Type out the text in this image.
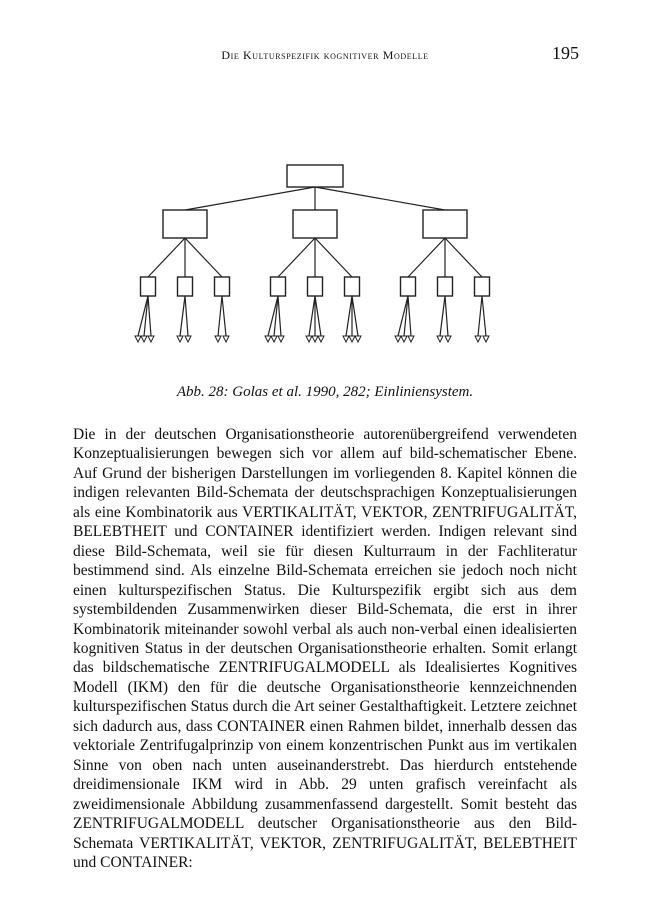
Die Kulturspezifik kognitiver Modelle	195
Abb. 28: Golas et al. 1990, 282; Einliniensystem.

Die in der deutschen Organisationstheorie autorenübergreifend verwendeten Konzeptualisierungen bewegen sich vor allem auf bild-schematischer Ebene. Auf Grund der bisherigen Darstellungen im vorliegenden 8. Kapitel können die indigen relevanten Bild-Schemata der deutschsprachigen Konzeptualisierungen als eine Kombinatorik aus VERTIKALITÄT, VEKTOR, ZENTRIFUGALITÄT, BELEBTHEIT und CONTAINER identifiziert werden. Indigen relevant sind diese Bild-Schemata, weil sie für diesen Kulturraum in der Fachliteratur bestimmend sind. Als einzelne Bild-Schemata erreichen sie jedoch noch nicht einen kulturspezifischen Status. Die Kulturspezifik ergibt sich aus dem systembildenden Zusammenwirken dieser Bild-Schemata, die erst in ihrer Kombinatorik miteinander sowohl verbal als auch non-verbal einen idealisierten kognitiven Status in der deutschen Organisationstheorie erhalten. Somit erlangt das bildschematische ZENTRIFUGALMODELL als Idealisiertes Kognitives Modell (IKM) den für die deutsche Organisationstheorie kennzeichnenden kulturspezifischen Status durch die Art seiner Gestalthaftigkeit. Letztere zeichnet sich dadurch aus, dass CONTAINER einen Rahmen bildet, innerhalb dessen das vektoriale Zentrifugalprinzip von einem konzentrischen Punkt aus im vertikalen Sinne von oben nach unten auseinanderstrebt. Das hierdurch entstehende dreidimensionale IKM wird in Abb. 29 unten grafisch vereinfacht als zweidimensionale Abbildung zusammenfassend dargestellt. Somit besteht das ZENTRIFUGALMODELL deutscher Organisationstheorie aus den Bild-Schemata VERTIKALITÄT, VEKTOR, ZENTRIFUGALITÄT, BELEBTHEIT und CONTAINER:
